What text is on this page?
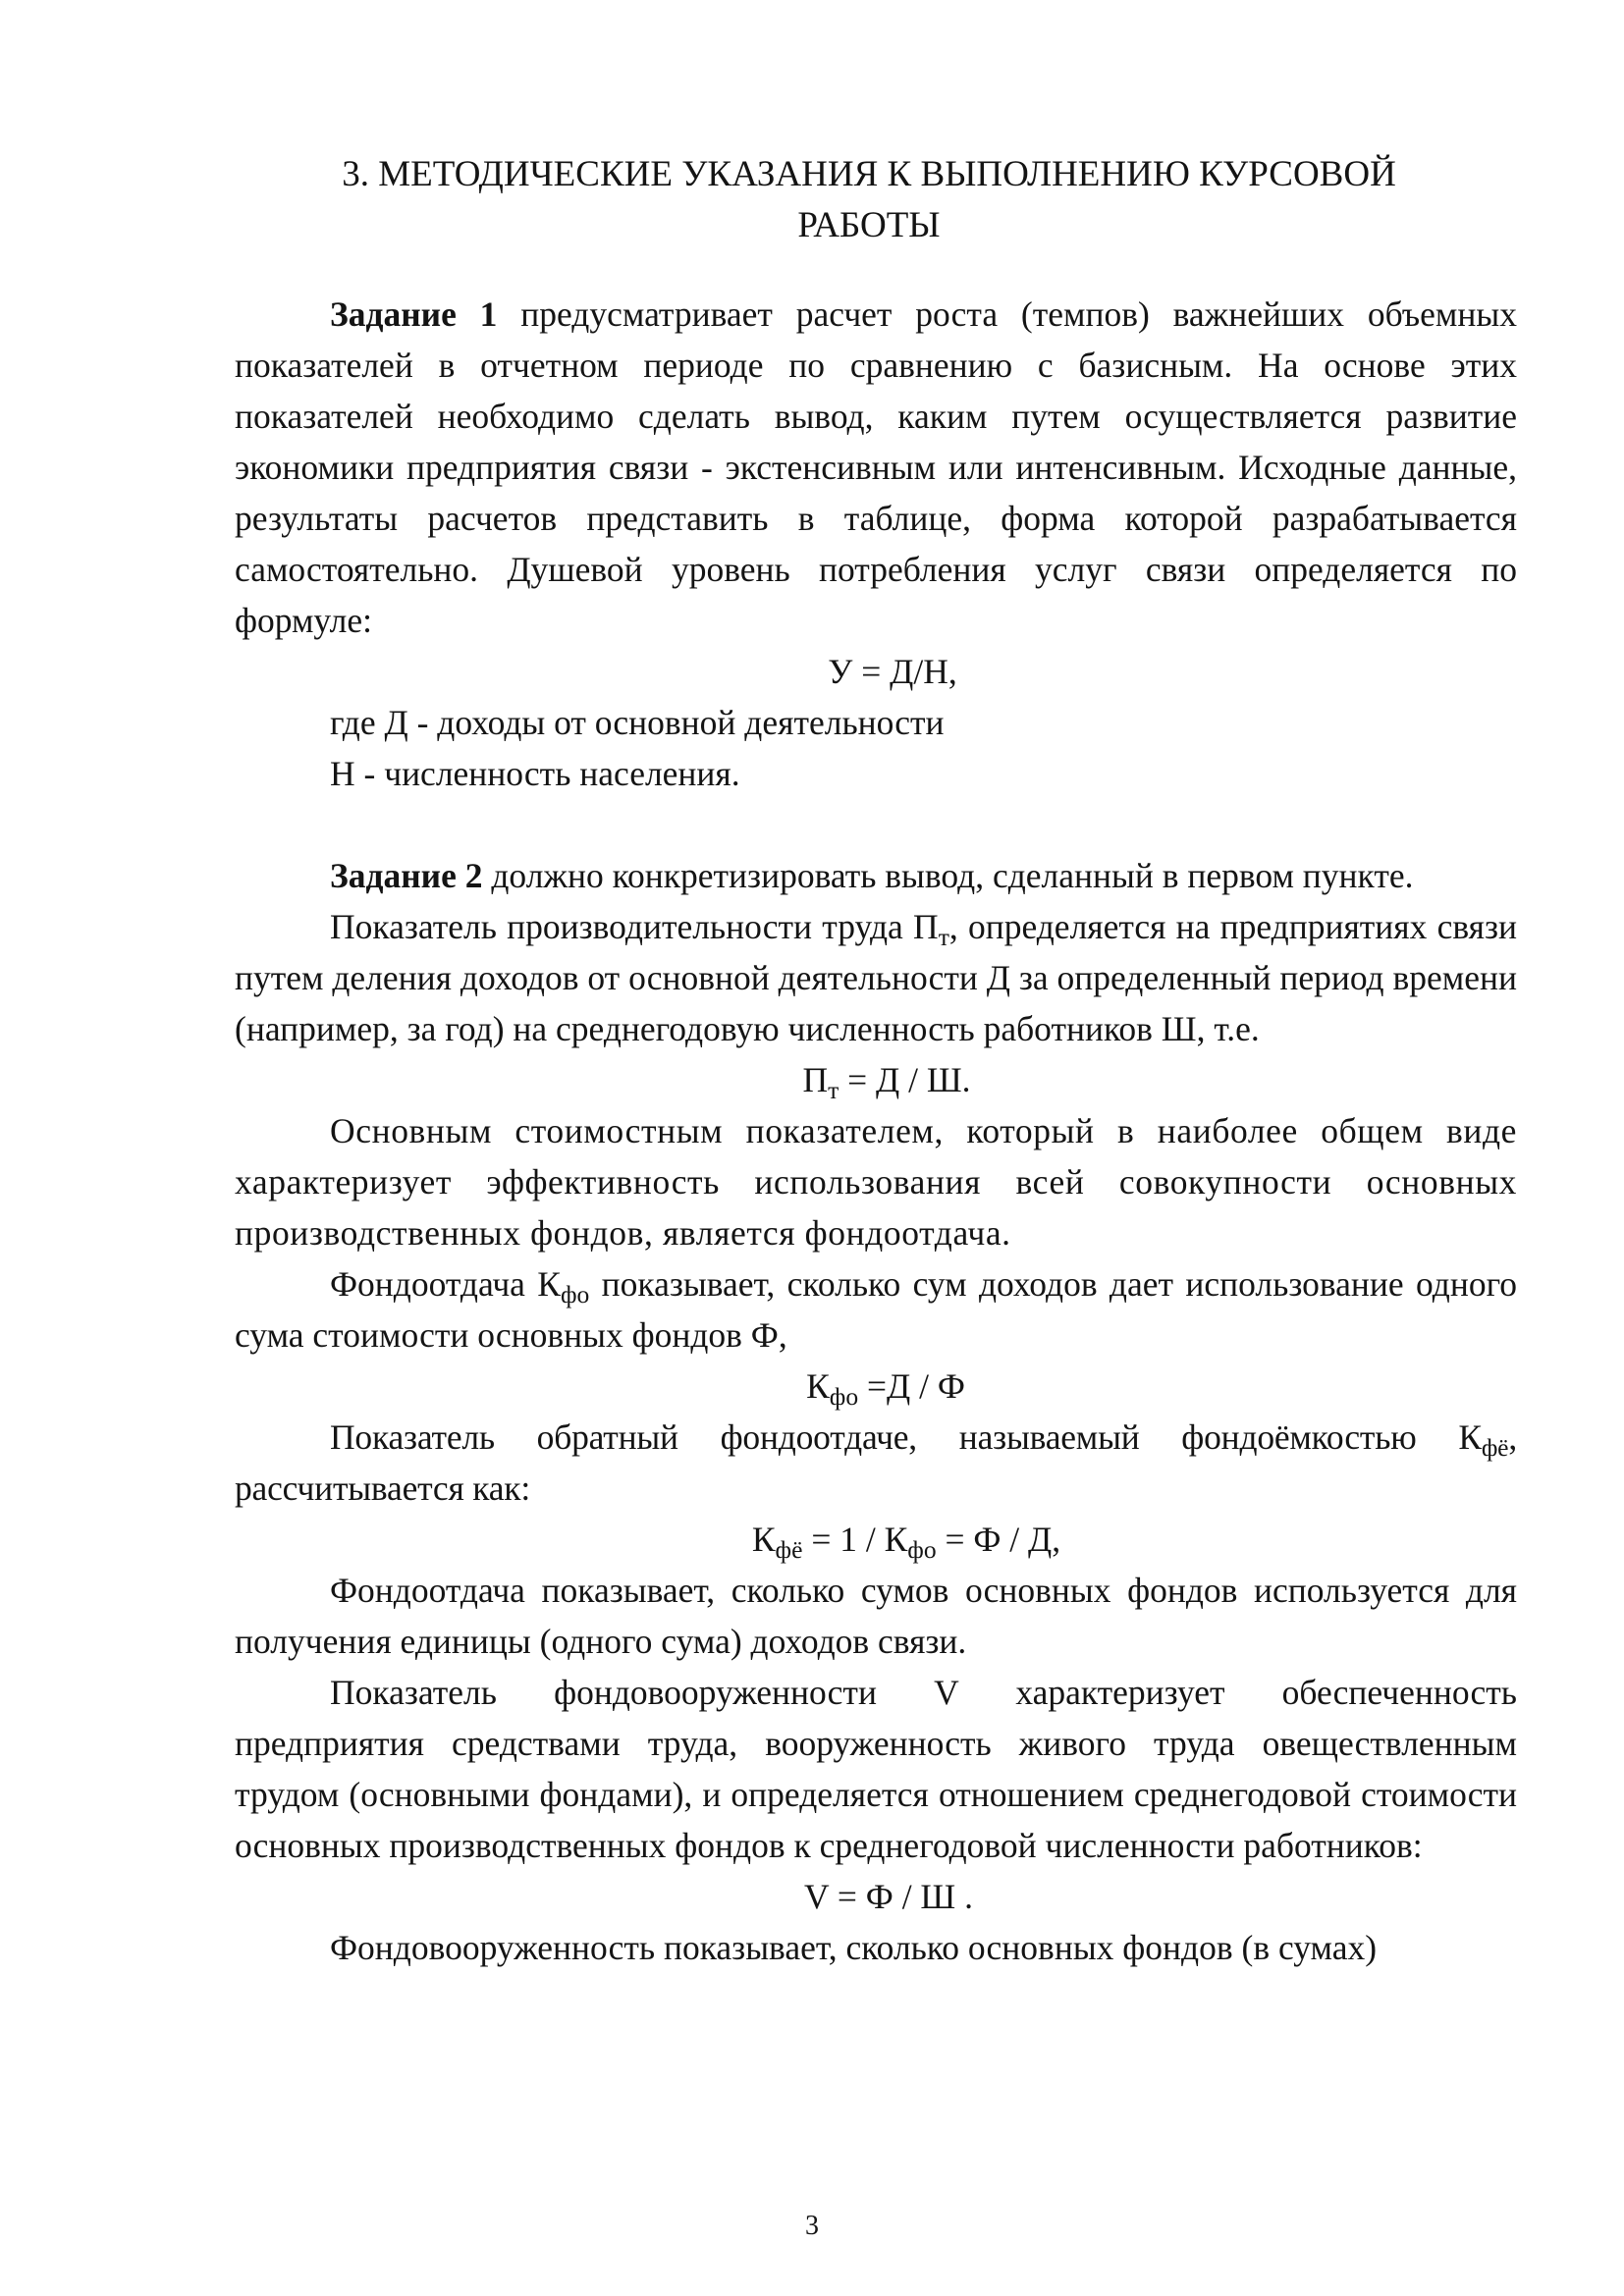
3. МЕТОДИЧЕСКИЕ УКАЗАНИЯ К ВЫПОЛНЕНИЮ КУРСОВОЙ
РАБОТЫ

Задание 1 предусматривает расчет роста (темпов) важнейших объемных показателей в отчетном периоде по сравнению с базисным. На основе этих показателей необходимо сделать вывод, каким путем осуществляется развитие экономики предприятия связи - экстенсивным или интенсивным. Исходные данные, результаты расчетов представить в таблице, форма которой разрабатывается самостоятельно. Душевой уровень потребления услуг связи определяется по формуле:

У = Д/Н,

где Д - доходы от основной деятельности

Н - численность населения.

Задание 2 должно конкретизировать вывод, сделанный в первом пункте.

Показатель производительности труда $П_т$, определяется на предприятиях связи путем деления доходов от основной деятельности Д за определенный период времени (например, за год) на среднегодовую численность работников Ш, т.е.

$П_т = Д / Ш$.

Основным стоимостным показателем, который в наиболее общем виде характеризует эффективность использования всей совокупности основных производственных фондов, является фондоотдача.

Фондоотдача $К_{фо}$ показывает, сколько сум доходов дает использование одного сума стоимости основных фондов Ф,

$К_{фо} =Д / Ф$

Показатель обратный фондоотдаче, называемый фондоёмкостью $К_{фё}$, рассчитывается как:

$К_{фё} = 1 / К_{фо} = Ф / Д$,

Фондоотдача показывает, сколько сумов основных фондов используется для получения единицы (одного сума) доходов связи.

Показатель фондовооруженности V характеризует обеспеченность предприятия средствами труда, вооруженность живого труда овеществленным трудом (основными фондами), и определяется отношением среднегодовой стоимости основных производственных фондов к среднегодовой численности работников:

V = Ф / Ш .

Фондовооруженность показывает, сколько основных фондов (в сумах)

3
